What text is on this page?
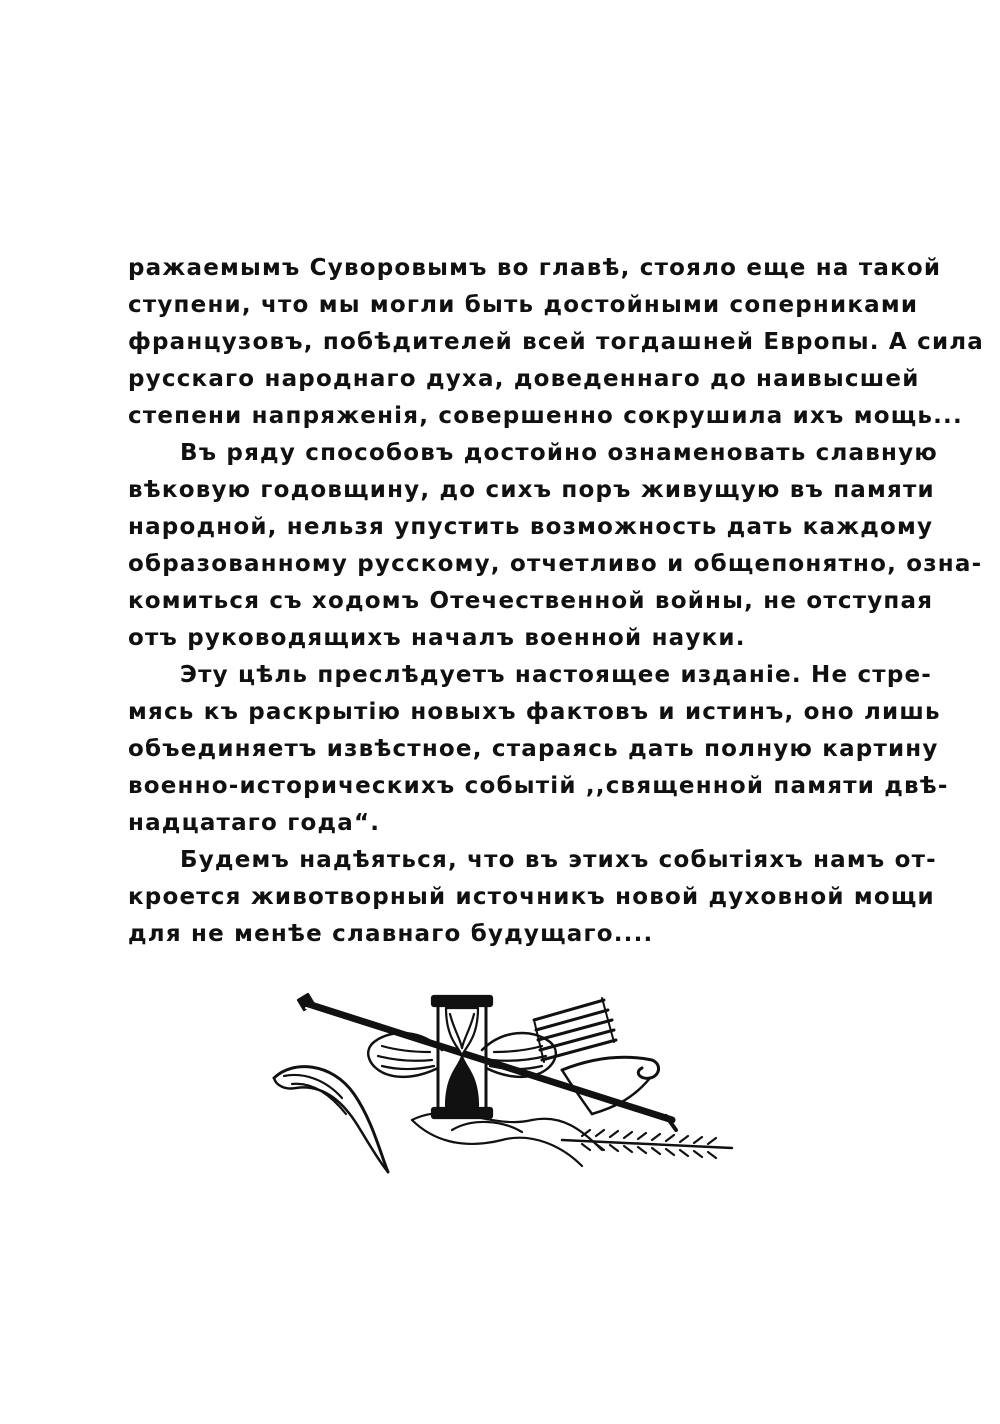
ражаемымъ Суворовымъ во главѣ, стояло еще на такой
ступени, что мы могли быть достойными соперниками
французовъ, побѣдителей всей тогдашней Европы. А сила
русскаго народнаго духа, доведеннаго до наивысшей
степени напряженія, совершенно сокрушила ихъ мощь...
Въ ряду способовъ достойно ознаменовать славную
вѣковую годовщину, до сихъ поръ живущую въ памяти
народной, нельзя упустить возможность дать каждому
образованному русскому, отчетливо и общепонятно, озна-
комиться съ ходомъ Отечественной войны, не отступая
отъ руководящихъ началъ военной науки.
Эту цѣль преслѣдуетъ настоящее изданіе. Не стре-
мясь къ раскрытію новыхъ фактовъ и истинъ, оно лишь
объединяетъ извѣстное, стараясь дать полную картину
военно-историческихъ событій ,,священной памяти двѣ-
надцатаго года“.
Будемъ надѣяться, что въ этихъ событіяхъ намъ от-
кроется животворный источникъ новой духовной мощи
для не менѣе славнаго будущаго....
